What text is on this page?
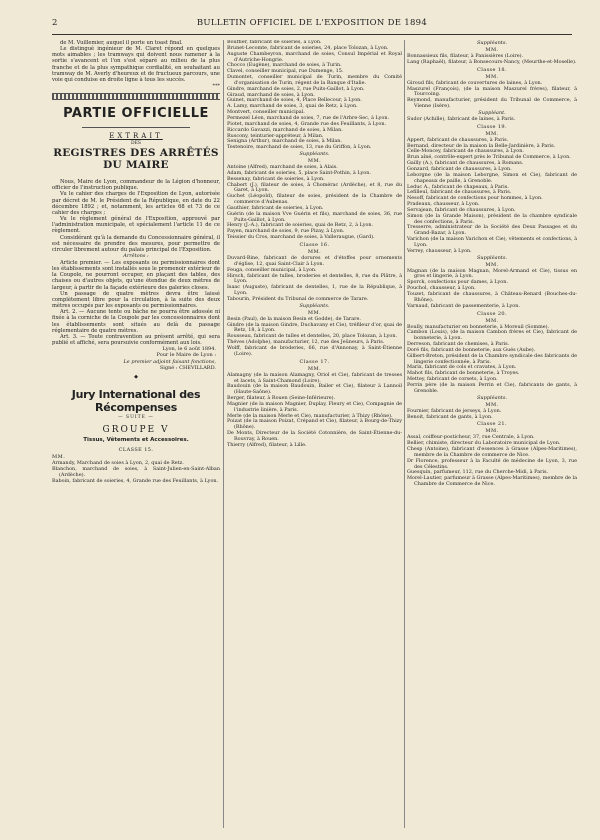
2	BULLETIN OFFICIEL DE L'EXPOSITION DE 1894

de M. Vuillemier, auquel il porte un toast final.

Le distingué ingénieur de M. Claret répond en quelques mots aimables ; les tramways qui doivent nous ramener à la sortie s'avancent et l'on s'est séparé au milieu de la plus franche et de la plus sympathique cordialité, en souhaitant au tramway de M. Averly d'heureux et de fructueux parcours, une voie qui conduise en droite ligne à tous les succès.

***
PARTIE OFFICIELLE
EXTRAIT
DES
REGISTRES DES ARRÊTÉS DU MAIRE

Nous, Maire de Lyon, commandeur de la Légion d'honneur, officier de l'instruction publique.

Vu le cahier des charges de l'Exposition de Lyon, autorisée par décret de M. le Président de la République, en date du 22 décembre 1892 ; et, notamment, les articles 68 et 73 de ce cahier des charges ;

Vu le règlement général de l'Exposition, approuvé par l'administration municipale, et spécialement l'article 11 de ce règlement.

Considérant qu'à la demande du Concessionnaire général, il est nécessaire de prendre des mesures, pour permettre de circuler librement autour du palais principal de l'Exposition.

Arrêtons :

Article premier. — Les exposants ou permissionnaires dont les établissements sont installés sous le promenoir extérieur de la Coupole, ne pourront occuper, en plaçant des tables, des chaises ou d'autres objets, qu'une étendue de deux mètres de largeur, à partir de la façade extérieure des galeries closes.

Un passage de quatre mètres devra être laissé complètement libre pour la circulation, à la suite des deux mètres occupés par les exposants ou permissionnaires.

Art. 2. — Aucune tente ou bâche ne pourra être adossée ni fixée à la corniche de la Coupole par les concessionnaires dont les établissements sont situés au delà du passage réglementaire de quatre mètres.

Art. 3. — Toute contravention au présent arrêté, qui sera publié et affiché, sera poursuivie conformément aux lois.

Lyon, le 6 août 1894.
Pour le Maire de Lyon :
Le premier adjoint faisant fonctions,
Signé : CHEVILLARD.
◆
Jury International des Récompenses
— SUITE —
GROUPE V
Tissus, Vêtements et Accessoires.
CLASSE 15.
MM.

Armandy, Marchand de soies à Lyon, 2, quai de Retz.

Blanchon, marchand de soies, à Saint-Julien-en-Saint-Alban (Ardèche).

Baboin, fabricant de soieries, 4, Grande rue des Feuillants, à Lyon.

Bouffier, fabricant de soieries, à Lyon.

Brunet-Lecomte, fabricant de soieries, 24, place Tolozan, à Lyon.

Auguste Chambeyron, marchand de soies, Consul Impérial et Royal d'Autriche-Hongrie.

Chocco (Eugène), marchand de soies, à Turin.

Clavel, conseiller municipal, rue Dumenge, 15.

Dumontet, conseiller municipal de Turin, membre du Comité d'organisation de Turin, régent de la Banque d'Italie.

Gindre, marchand de soies, 2, rue Puits-Gaillot, à Lyon.

Giraud, marchand de soies, à Lyon.

Guinet, marchand de soies, 4, Place Bellecour, à Lyon.

A. Lamy, marchand de soies, 3, quai de Retz, à Lyon.

Montvert, conseiller municipal.

Permezel Léon, marchand de soies, 7, rue de l'Arbre-Sec, à Lyon.

Piotet, marchand de soies, 4, Grande rue des Feuillants, à Lyon.

Riccardo Gavazzi, marchand de soies, à Milan.

Ruscony, teinturier-appréteur, à Milan.

Senigna (Arthur), marchand de soies, à Milan.

Testenoire, marchand de soies, 13, rue du Griffon, à Lyon.

Suppléants.
MM.

Antoine (Alfred), marchand de soies, à Alais.

Adam, fabricant de soieries, 5, place Saint-Pothin, à Lyon.

Bessenay, fabricant de soieries, à Lyon.

Chabert (J.), filateur de soies, à Chomérac (Ardèche), et 8, rue du Garet, à Lyon.

Guchet (Léopold), filateur de soies, président de la Chambre de commerce d'Aubenas.

Gauthier, fabricant de soieries, à Lyon.

Guérin (de la maison Vve Guérin et fils), marchand de soies, 36, rue Puits-Gaillot, à Lyon.

Henry (J.-A.), fabricant de soieries, quai de Retz, 2, à Lyon.

Payen, marchand de soies, 9, rue Pizay, à Lyon.

Teissier du Cros, marchand de soies, à Valleraugue, (Gard).

Classe 16.
MM.

Duvard-Bine, fabricant de dorures et d'étoffes pour ornements d'église, 12, quai Saint-Clair à Lyon.

Feuga, conseiller municipal, à Lyon.

Hirsch, fabricant de tulles, broderies et dentelles, 8, rue du Plâtre, à Lyon.

Isaac (Auguste), fabricant de dentelles, 1, rue de la République, à Lyon.

Tabourin, Président du Tribunal de commerce de Tarare.

Suppléants.
MM.

Besin (Paul), de la maison Besin et Godde), de Tarare.

Gindre (de la maison Gindre, Duchavany et Cie), tréfileur d'or, quai de Retz, 18, à Lyon.

Rousseau, fabricant de tulles et dentelles, 20, place Tolozan, à Lyon.

Théves (Adolphe), manufacturier, 12, rue des Jeûneurs, à Paris.

Wolff, fabricant de broderies, 66, rue d'Annonay, à Saint-Étienne (Loire).

Classe 17.
MM.

Alamagny (de la maison Alamagny, Oriol et Cie), fabricant de tresses et lacets, à Saint-Chamond (Loire).

Baudouin (de la maison Baudouin, Bailer et Cie), filateur à Lannoil (Haute-Saône).

Berger, filateur, à Rouen (Seine-Inférieure).

Magnier (de la maison Magnier, Duplay, Fleury et Cie), Compagnie de l'industrie linière, à Paris.

Merle (de la maison Merle et Cie), manufacturier, à Thizy (Rhône).

Poizat (de la maison Poizat, Crépand et Cie), filateur, à Bourg-de-Thizy (Rhône).

De Monts, Directeur de la Société Cotonnière, de Saint-Étienne-du-Rouvray, à Rouen.

Thierry (Alfred), filateur, à Lille.

Suppléants.
MM.

Bonnassieux fils, filateur, à Panissières (Loire).

Lang (Raphaël), filateur, à Bonsecours-Nancy, (Meurthe-et-Moselle).

Classe 18.
MM.

Giroud fils, fabricant de couvertures de laines, à Lyon.

Maszurel (François), (de la maison Maszurel frères), filateur, à Tourcoing.

Reymond, manufacturier, président du Tribunal de Commerce, à Vienne (Isère).

Suppléant.

Sudor (Achille), fabricant de laines, à Paris.

Classe 19.
MM.

Appert, fabricant de chaussures, à Paris.

Bernand, directeur de la maison la Belle-Jardinière, à Paris.

Celle-Moncey, fabricant de chaussures, à Lyon.

Brun aîné, contrôle-expert près le Tribunal de Commerce, à Lyon.

Gailly (A.), fabricant de chaussures, à Romans.

Gonzard, fabricant de chaussures, à Lyon.

Leborgne (de la maison Leborgne, Simon et Cie), fabricant de chapeaux de paille, à Grenoble.

Leduc A., fabricant de chapeaux, à Paris.

Lefilleul, fabricant de chaussures, à Paris.

Nesoff, fabricant de confections pour hommes, à Lyon.

Pradeaux, chausseur, à Lyon.

Servajean, fabricant de chaussures, à Lyon.

Simon (de la Grande Maison), président de la chambre syndicale des confections, à Paris.

Tresserre, administrateur de la Société des Deux Passages et du Grand-Bazar, à Lyon.

Varichon (de la maison Varichon et Cie), vêtements et confections, à Lyon.

Verrey, chausseur, à Lyon.

Suppléants.
MM.

Magnan (de la maison Magnan, Morel-Armand et Cie), tissus en gros et lingerie, à Lyon.

Sporck, confections pour dames, à Lyon.

Pouchol, chausseur, à Lyon.

Touzet, fabricant de chaussures, à Château-Renard (Bouches-du-Rhône).

Varnaud, fabricant de passementerie, à Lyon.

Classe 20.
MM.

Boully, manufacturier en bonneterie, à Moreuil (Somme).

Cambon (Louis), (de la maison Cambon frères et Cie), fabricant de bonneterie, à Lyon.

Derreson, fabricant de chemises, à Paris.

Doré fils, fabricant de bonneterie, aux Gués (Aube).

Gilbert-Breton, président de la Chambre syndicale des fabricants de lingerie confectionnée, à Paris.

Marix, fabricant de cols et cravates, à Lyon.

Mahot fils, fabricant de bonneterie, à Troyes.

Mettey, fabricant de corsets, à Lyon.

Perrin père (de la maison Perrin et Cie), fabricants de gants, à Grenoble.

Suppléants.
MM.

Fournier, fabricant de jerseys, à Lyon.

Benoit, fabricant de gants, à Lyon.

Classe 21.
MM.

Assal, coiffeur-posticheur, 37, rue Centrale, à Lyon.

Bellier, chimiste, directeur du Laboratoire municipal de Lyon.

Chesp (Antoine), fabricant d'essences à Grasse (Alpes-Maritimes), membre de la Chambre de commerce de Nice.

Dr Florence, professeur à la Faculté de médecine de Lyon, 3, rue des Célestins.

Guesquin, parfumeur, 112, rue du Cherche-Midi, à Paris.

Morel-Lautier, parfumeur à Grasse (Alpes-Maritimes), membre de la Chambre de Commerce de Nice.
